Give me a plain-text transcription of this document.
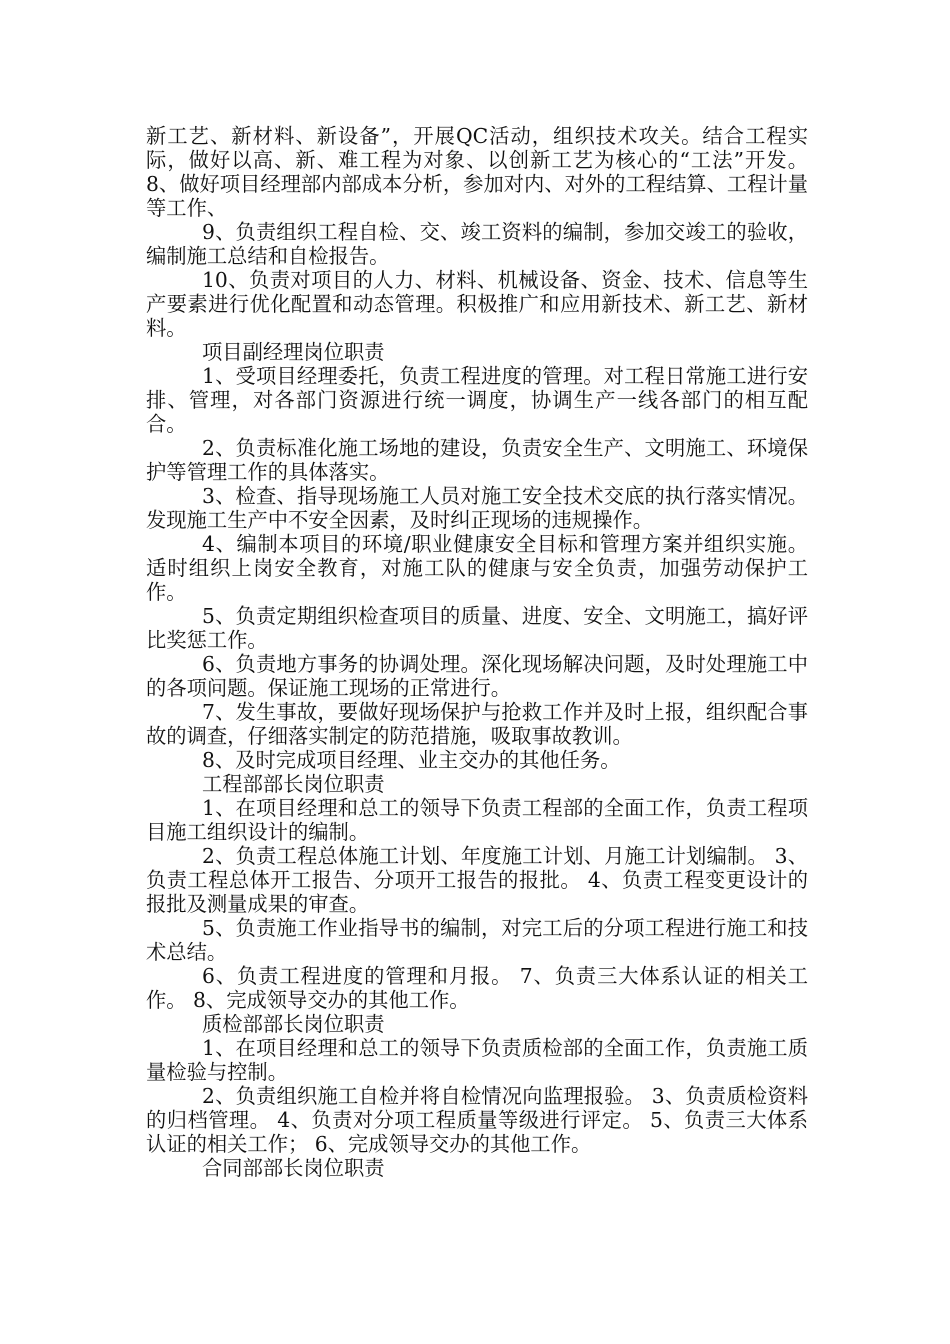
新工艺、新材料、新设备”，开展QC活动，组织技术攻关。结合工程实际，做好以高、新、难工程为对象、以创新工艺为核心的“工法”开发。 8、做好项目经理部内部成本分析，参加对内、对外的工程结算、工程计量等工作、

9、负责组织工程自检、交、竣工资料的编制，参加交竣工的验收，编制施工总结和自检报告。

10、负责对项目的人力、材料、机械设备、资金、技术、信息等生产要素进行优化配置和动态管理。积极推广和应用新技术、新工艺、新材料。

项目副经理岗位职责

1、受项目经理委托，负责工程进度的管理。对工程日常施工进行安排、管理，对各部门资源进行统一调度，协调生产一线各部门的相互配合。

2、负责标准化施工场地的建设，负责安全生产、文明施工、环境保护等管理工作的具体落实。

3、检查、指导现场施工人员对施工安全技术交底的执行落实情况。发现施工生产中不安全因素，及时纠正现场的违规操作。

4、编制本项目的环境/职业健康安全目标和管理方案并组织实施。适时组织上岗安全教育，对施工队的健康与安全负责，加强劳动保护工作。

5、负责定期组织检查项目的质量、进度、安全、文明施工，搞好评比奖惩工作。

6、负责地方事务的协调处理。深化现场解决问题，及时处理施工中的各项问题。保证施工现场的正常进行。

7、发生事故，要做好现场保护与抢救工作并及时上报，组织配合事故的调查，仔细落实制定的防范措施，吸取事故教训。

8、及时完成项目经理、业主交办的其他任务。

工程部部长岗位职责

1、在项目经理和总工的领导下负责工程部的全面工作，负责工程项目施工组织设计的编制。

2、负责工程总体施工计划、年度施工计划、月施工计划编制。 3、负责工程总体开工报告、分项开工报告的报批。 4、负责工程变更设计的报批及测量成果的审查。

5、负责施工作业指导书的编制，对完工后的分项工程进行施工和技术总结。

6、负责工程进度的管理和月报。 7、负责三大体系认证的相关工作。 8、完成领导交办的其他工作。

质检部部长岗位职责

1、在项目经理和总工的领导下负责质检部的全面工作，负责施工质量检验与控制。

2、负责组织施工自检并将自检情况向监理报验。 3、负责质检资料的归档管理。 4、负责对分项工程质量等级进行评定。 5、负责三大体系认证的相关工作； 6、完成领导交办的其他工作。

合同部部长岗位职责
